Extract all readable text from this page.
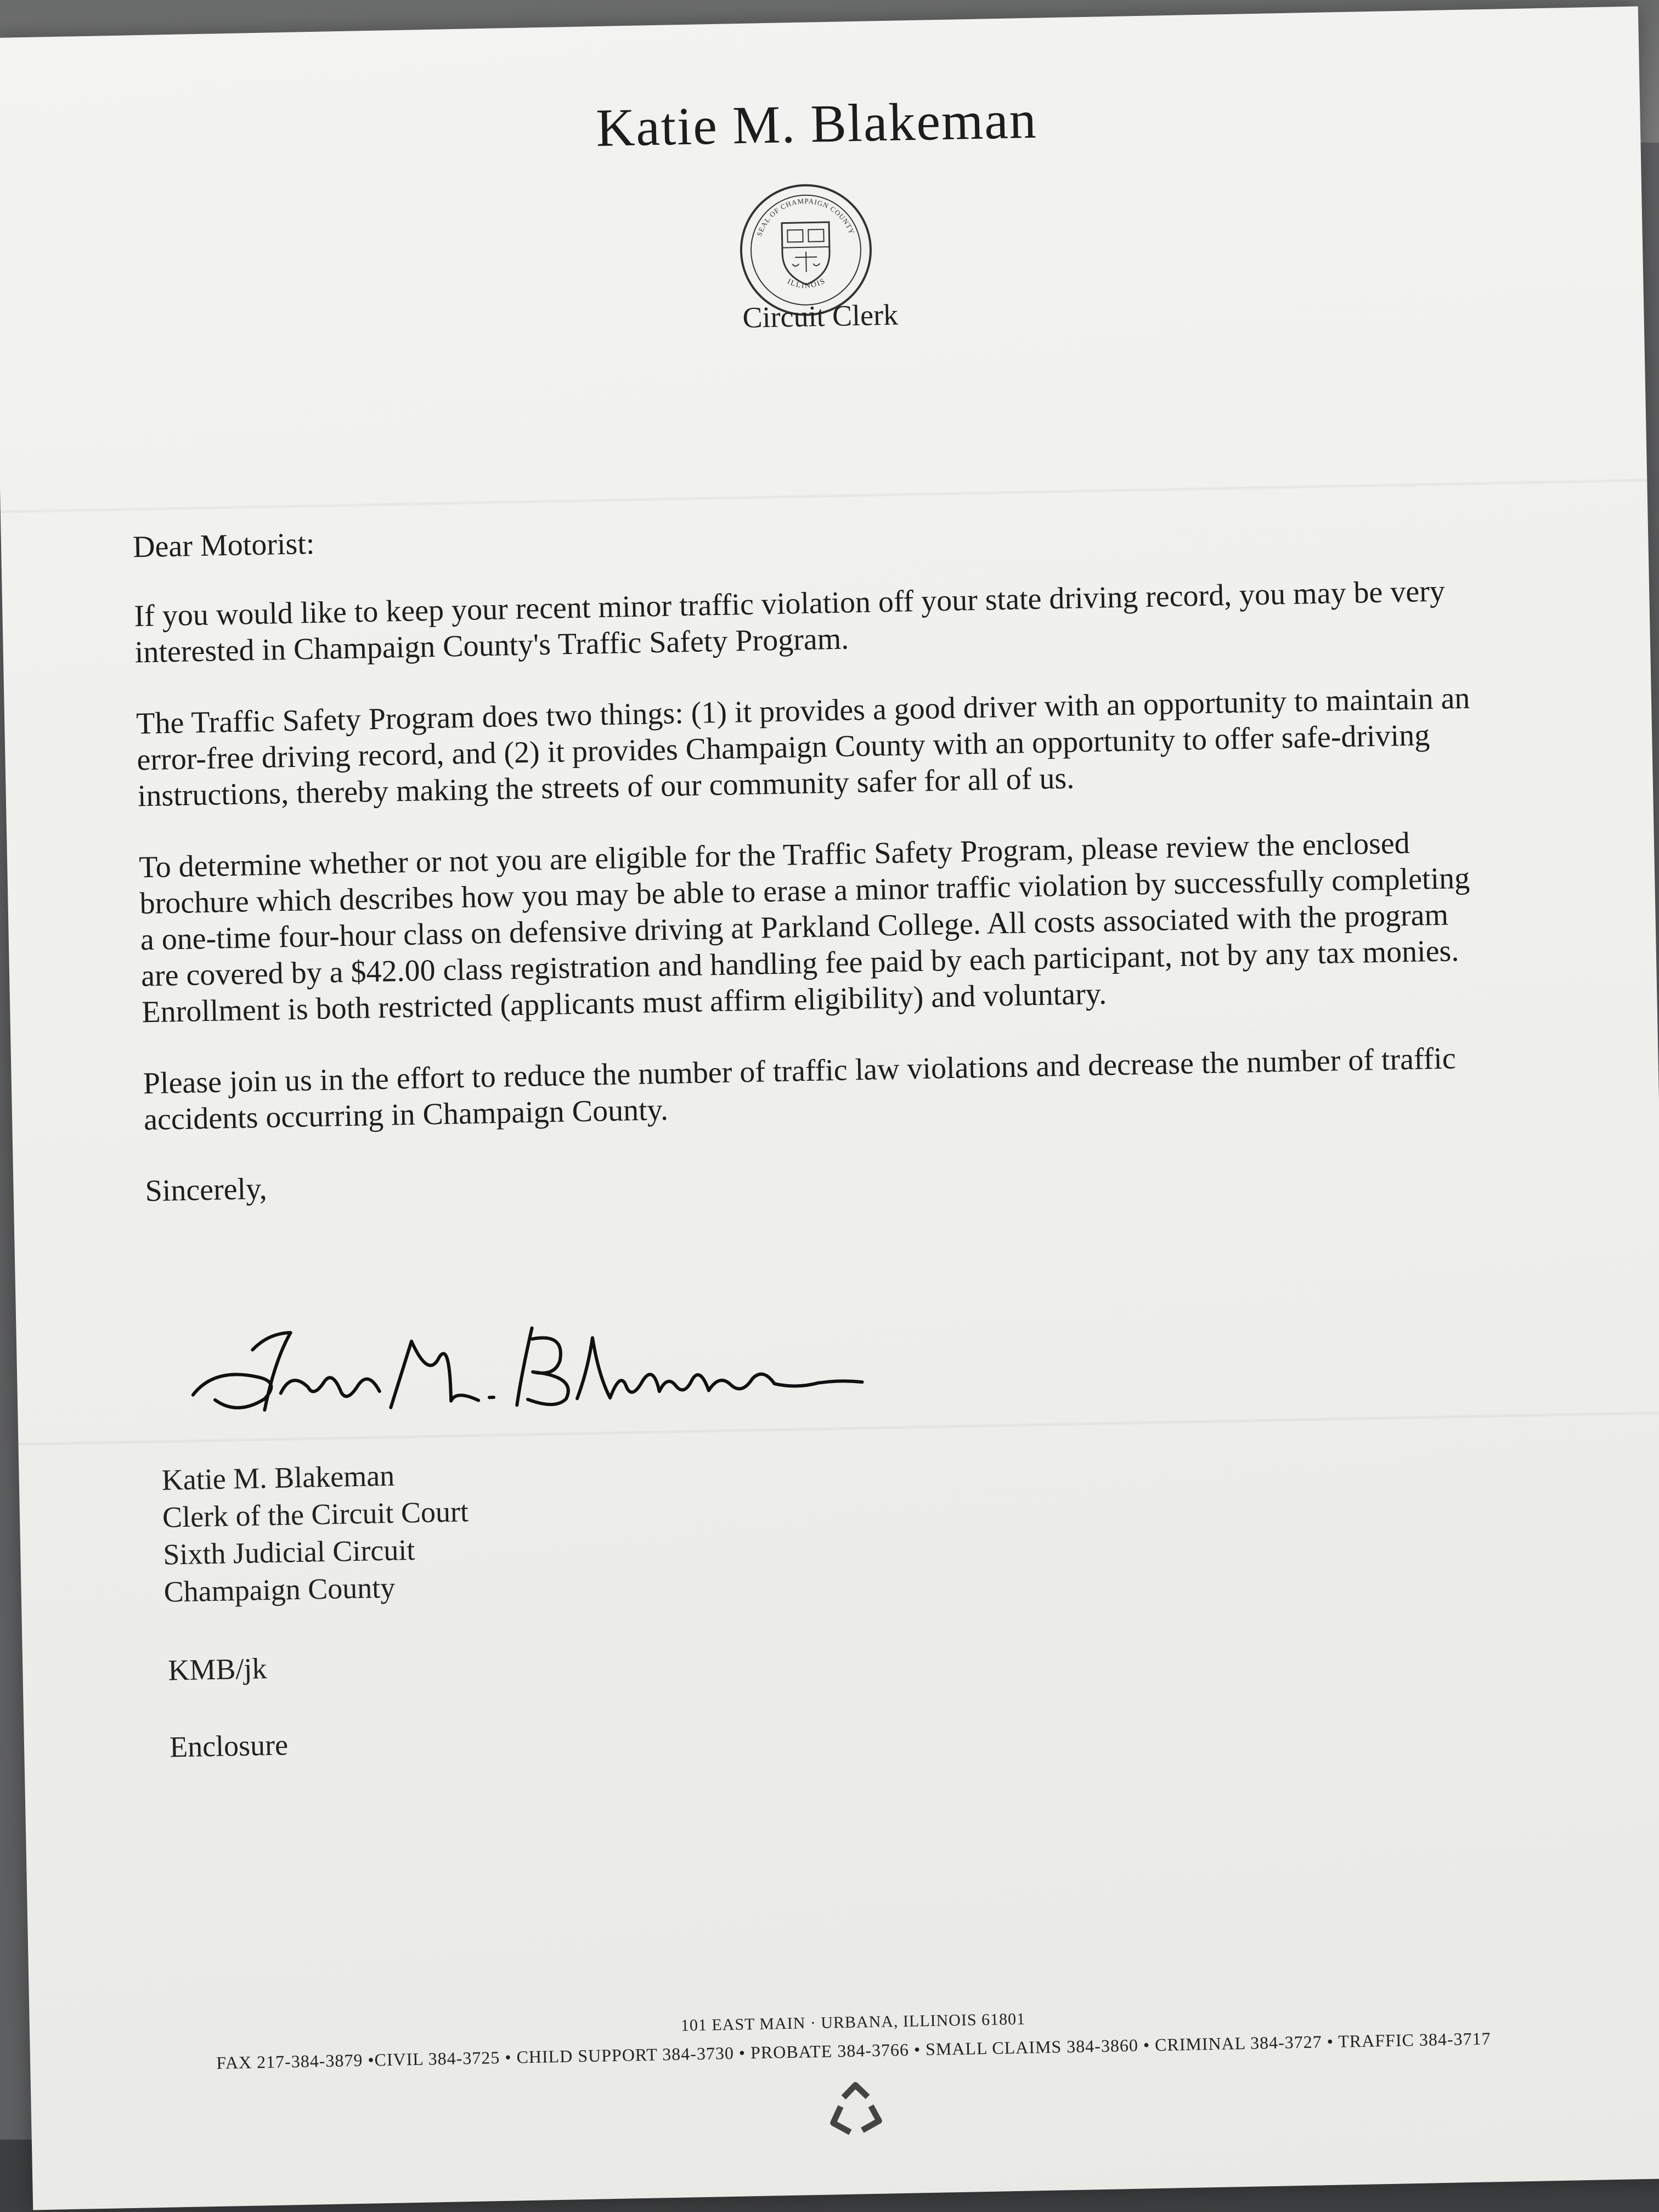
Katie M. Blakeman
SEAL OF CHAMPAIGN COUNTY
ILLINOIS
Circuit Clerk

Dear Motorist:

If you would like to keep your recent minor traffic violation off your state driving record, you may be very interested in Champaign County's Traffic Safety Program.

The Traffic Safety Program does two things: (1) it provides a good driver with an opportunity to maintain an error-free driving record, and (2) it provides Champaign County with an opportunity to offer safe-driving instructions, thereby making the streets of our community safer for all of us.

To determine whether or not you are eligible for the Traffic Safety Program, please review the enclosed brochure which describes how you may be able to erase a minor traffic violation by successfully completing a one-time four-hour class on defensive driving at Parkland College. All costs associated with the program are covered by a $42.00 class registration and handling fee paid by each participant, not by any tax monies. Enrollment is both restricted (applicants must affirm eligibility) and voluntary.

Please join us in the effort to reduce the number of traffic law violations and decrease the number of traffic accidents occurring in Champaign County.

Sincerely,

Katie M. Blakeman
Katie M. Blakeman
Clerk of the Circuit Court
Sixth Judicial Circuit
Champaign County
KMB/jk
Enclosure
101 EAST MAIN · URBANA, ILLINOIS 61801
FAX 217-384-3879 •CIVIL 384-3725 • CHILD SUPPORT 384-3730 • PROBATE 384-3766 • SMALL CLAIMS 384-3860 • CRIMINAL 384-3727 • TRAFFIC 384-3717
